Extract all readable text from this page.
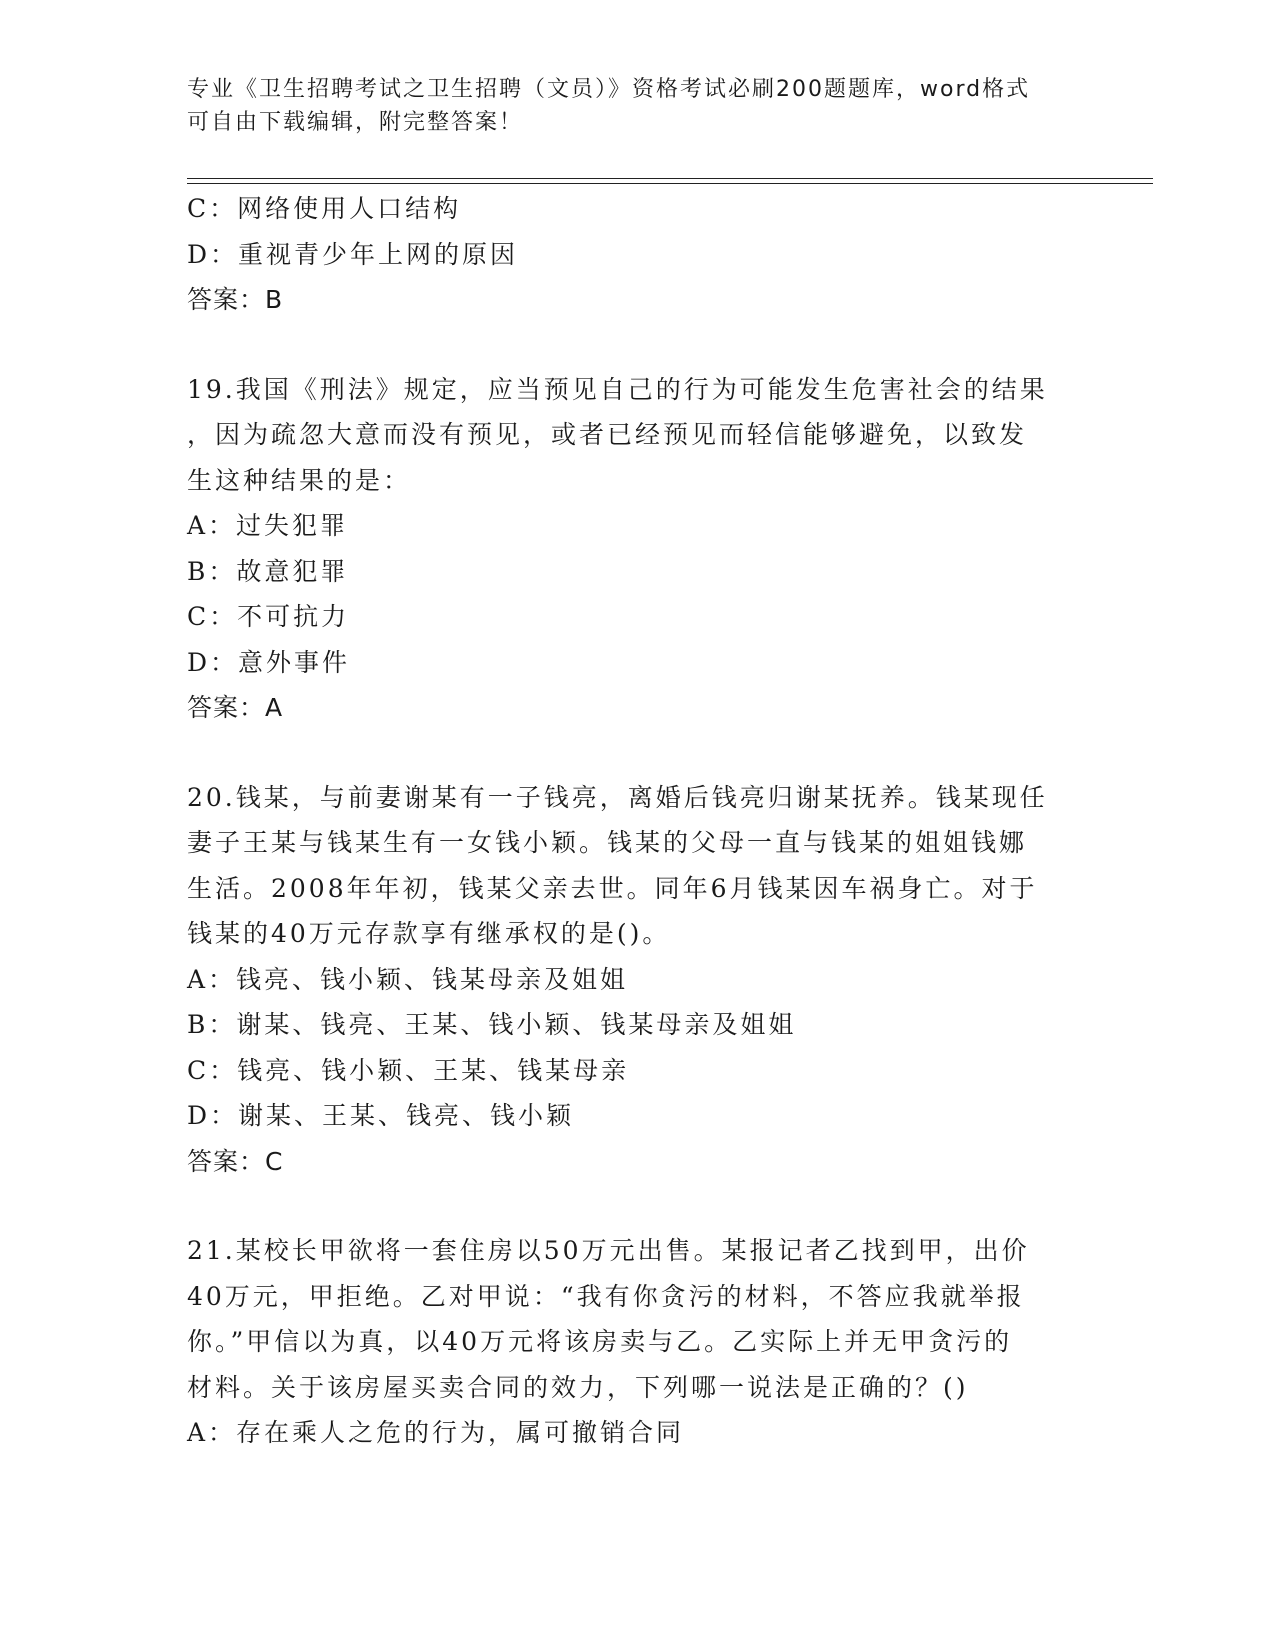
专业《卫生招聘考试之卫生招聘（文员）》资格考试必刷200题题库，word格式
可自由下载编辑，附完整答案！
C：网络使用人口结构
D：重视青少年上网的原因
答案：B
19.我国《刑法》规定，应当预见自己的行为可能发生危害社会的结果
，因为疏忽大意而没有预见，或者已经预见而轻信能够避免，以致发
生这种结果的是：
A：过失犯罪
B：故意犯罪
C：不可抗力
D：意外事件
答案：A
20.钱某，与前妻谢某有一子钱亮，离婚后钱亮归谢某抚养。钱某现任
妻子王某与钱某生有一女钱小颖。钱某的父母一直与钱某的姐姐钱娜
生活。2008年年初，钱某父亲去世。同年6月钱某因车祸身亡。对于
钱某的40万元存款享有继承权的是()。
A：钱亮、钱小颖、钱某母亲及姐姐
B：谢某、钱亮、王某、钱小颖、钱某母亲及姐姐
C：钱亮、钱小颖、王某、钱某母亲
D：谢某、王某、钱亮、钱小颖
答案：C
21.某校长甲欲将一套住房以50万元出售。某报记者乙找到甲，出价
40万元，甲拒绝。乙对甲说：“我有你贪污的材料，不答应我就举报
你。”甲信以为真，以40万元将该房卖与乙。乙实际上并无甲贪污的
材料。关于该房屋买卖合同的效力，下列哪一说法是正确的？()
A：存在乘人之危的行为，属可撤销合同
